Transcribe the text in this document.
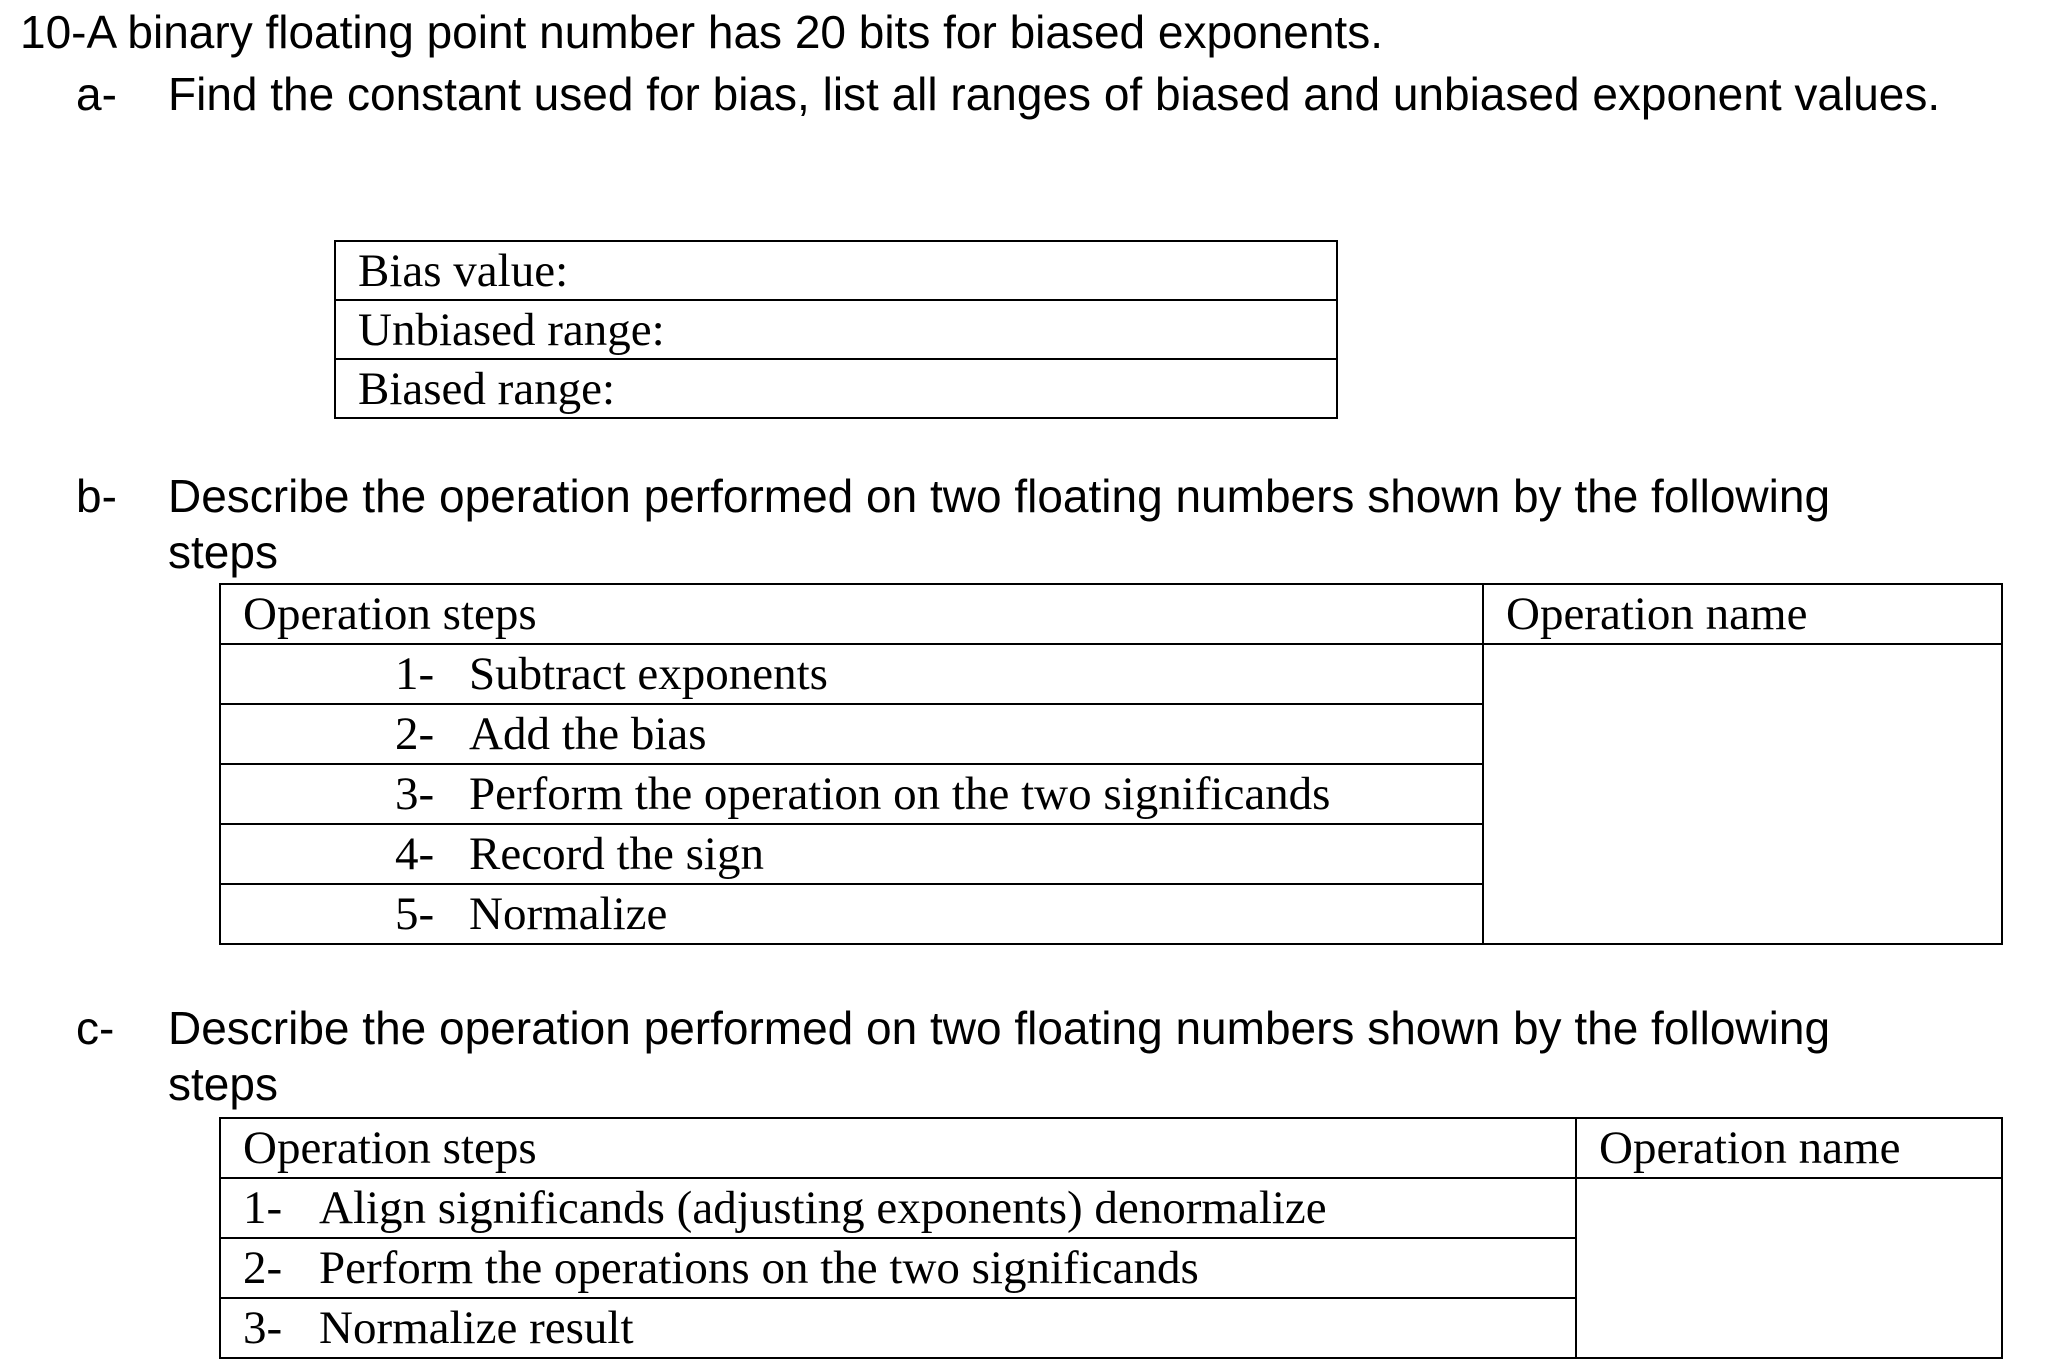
10-A binary floating point number has 20 bits for biased exponents.
a- Find the constant used for bias, list all ranges of biased and unbiased exponent values.
Bias value:
Unbiased range:
Biased range:
b- Describe the operation performed on two floating numbers shown by the following steps
Operation steps	Operation name
1- Subtract exponents	
2- Add the bias	
3- Perform the operation on the two significands	
4- Record the sign	
5- Normalize	
c- Describe the operation performed on two floating numbers shown by the following steps
Operation steps	Operation name
1- Align significands (adjusting exponents) denormalize	
2- Perform the operations on the two significands	
3- Normalize result	
